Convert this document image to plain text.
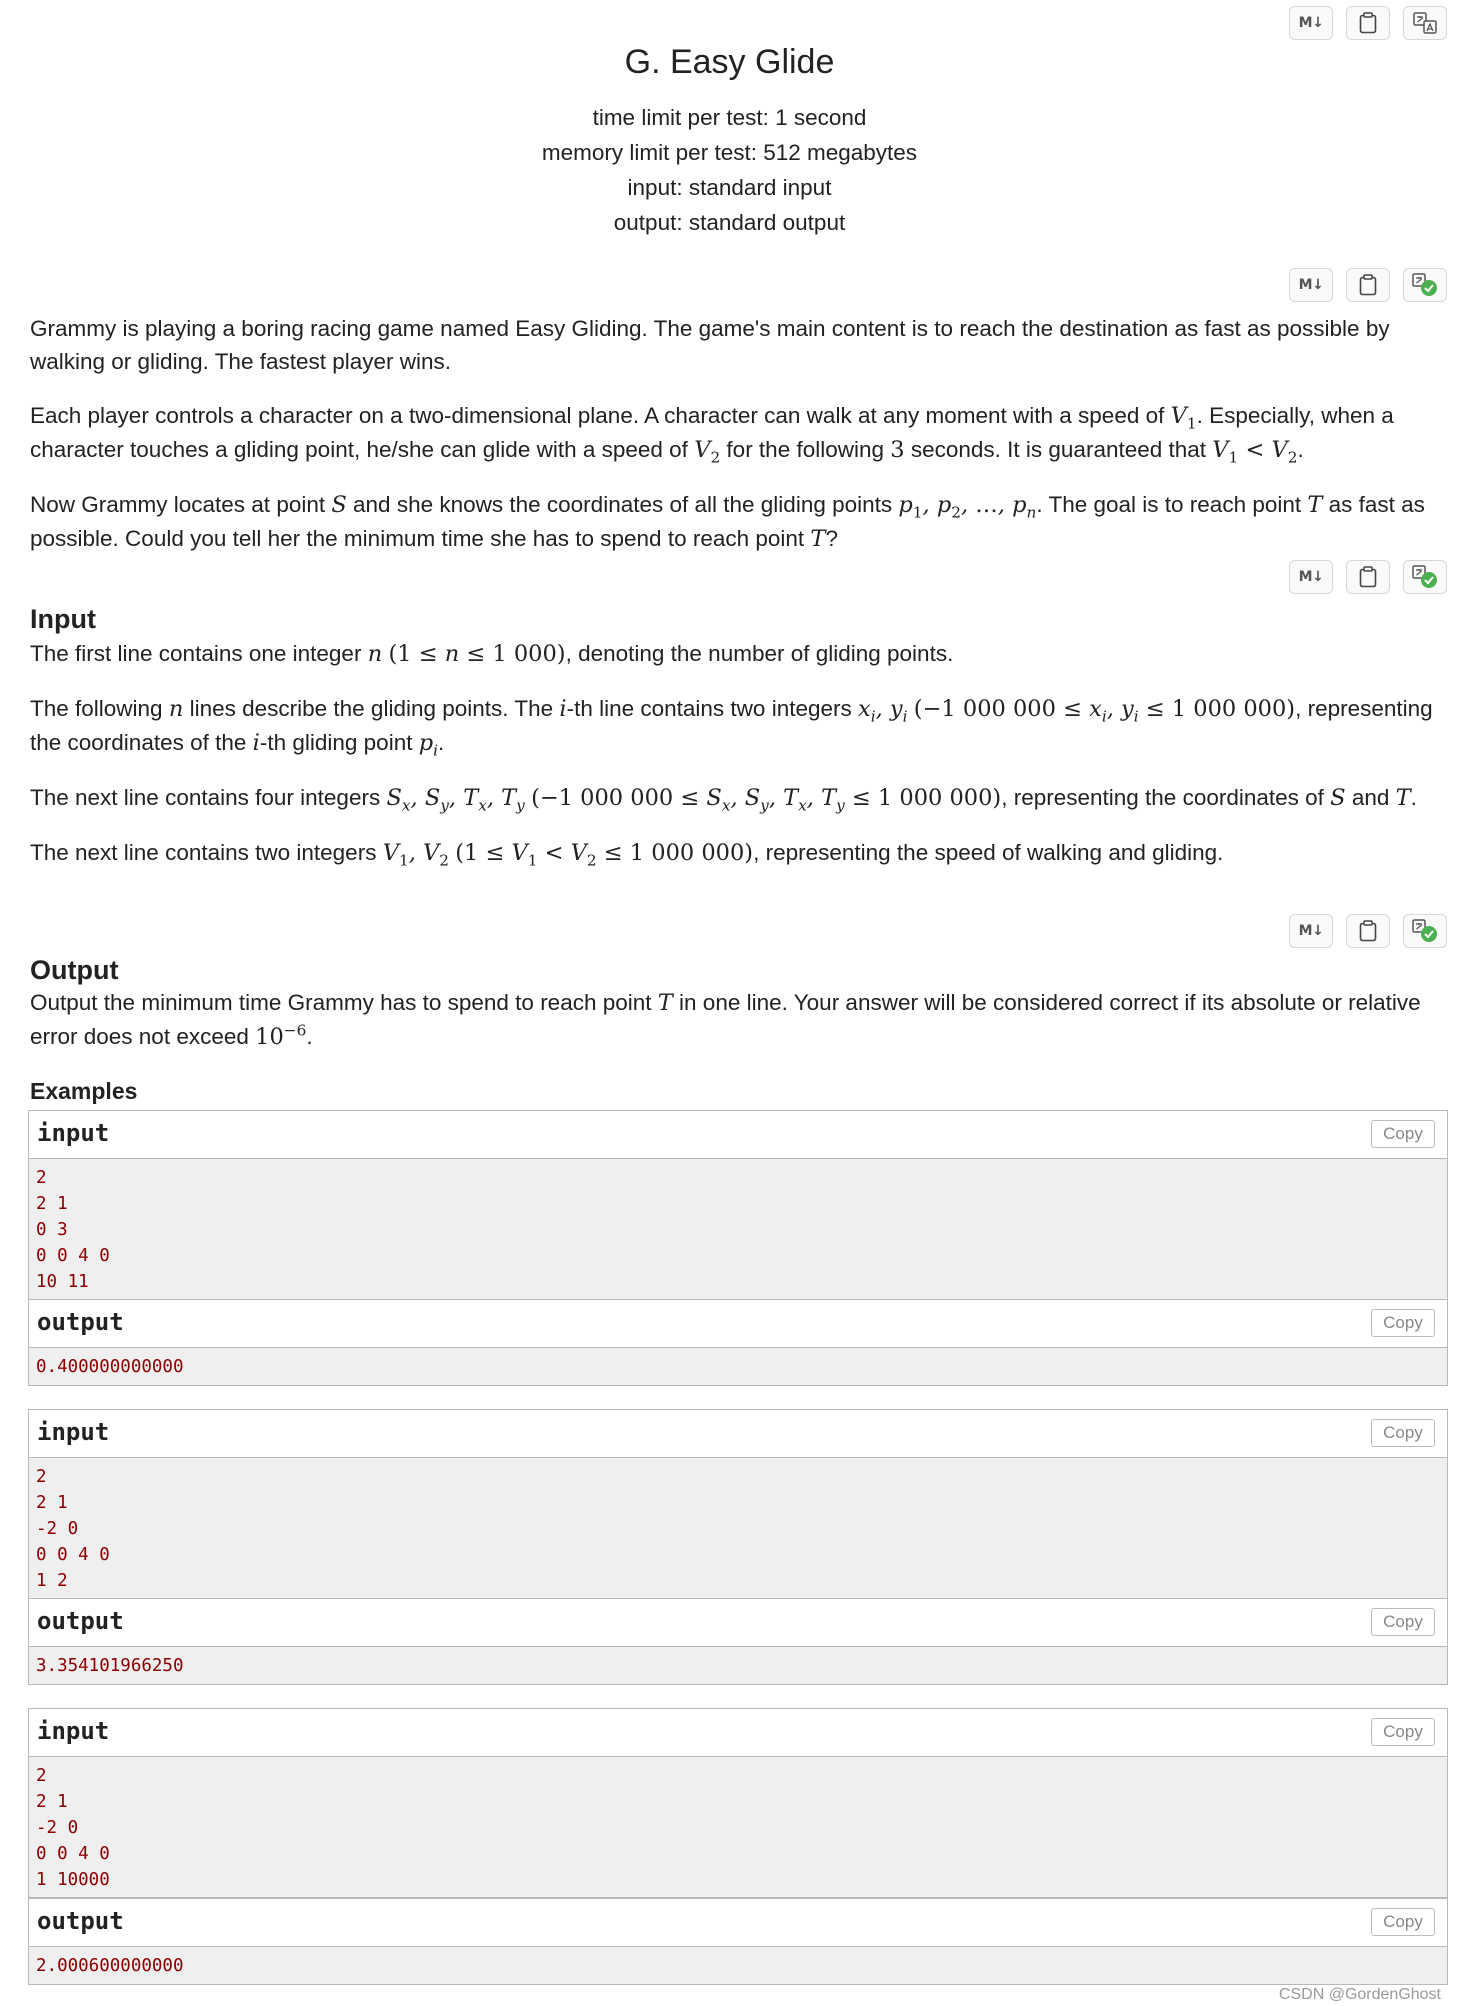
M↓
G. Easy Glide
time limit per test: 1 second
memory limit per test: 512 megabytes
input: standard input
output: standard output
M↓

Grammy is playing a boring racing game named Easy Gliding. The game's main content is to reach the destination as fast as possible by walking or gliding. The fastest player wins.

Each player controls a character on a two-dimensional plane. A character can walk at any moment with a speed of $V_1$. Especially, when a character touches a gliding point, he/she can glide with a speed of $V_2$ for the following 3 seconds. It is guaranteed that $V_1 < V_2$.

Now Grammy locates at point S and she knows the coordinates of all the gliding points $p_1$, $p_2$, …, $p_n$. The goal is to reach point T as fast as possible. Could you tell her the minimum time she has to spend to reach point T?

M↓
Input

The first line contains one integer n (1 ≤ n ≤ 1 000), denoting the number of gliding points.

The following n lines describe the gliding points. The i-th line contains two integers $x_i$, $y_i$ (−1 000 $000 \le x_i$, $y_i \le 1$ 000 000), representing the coordinates of the i-th gliding point $p_i$.

The next line contains four integers $S_x$, $S_y$, $T_x$, $T_y$ (−1 000 $000 \le S_x$, $S_y$, $T_x$, $T_y \le 1$ 000 000), representing the coordinates of S and T.

The next line contains two integers $V_1$, $V_2$ ($1 \le V_1 < V_2 \le 1$ 000 000), representing the speed of walking and gliding.

M↓
Output

Output the minimum time Grammy has to spend to reach point T in one line. Your answer will be considered correct if its absolute or relative error does not exceed $10^{-6}$.

Examples
input	Copy
2
2 1
0 3
0 0 4 0
10 11
output	Copy
0.400000000000
input	Copy
2
2 1
-2 0
0 0 4 0
1 2
output	Copy
3.354101966250
input	Copy
2
2 1
-2 0
0 0 4 0
1 10000
output	Copy
2.000600000000
CSDN @GordenGhost
